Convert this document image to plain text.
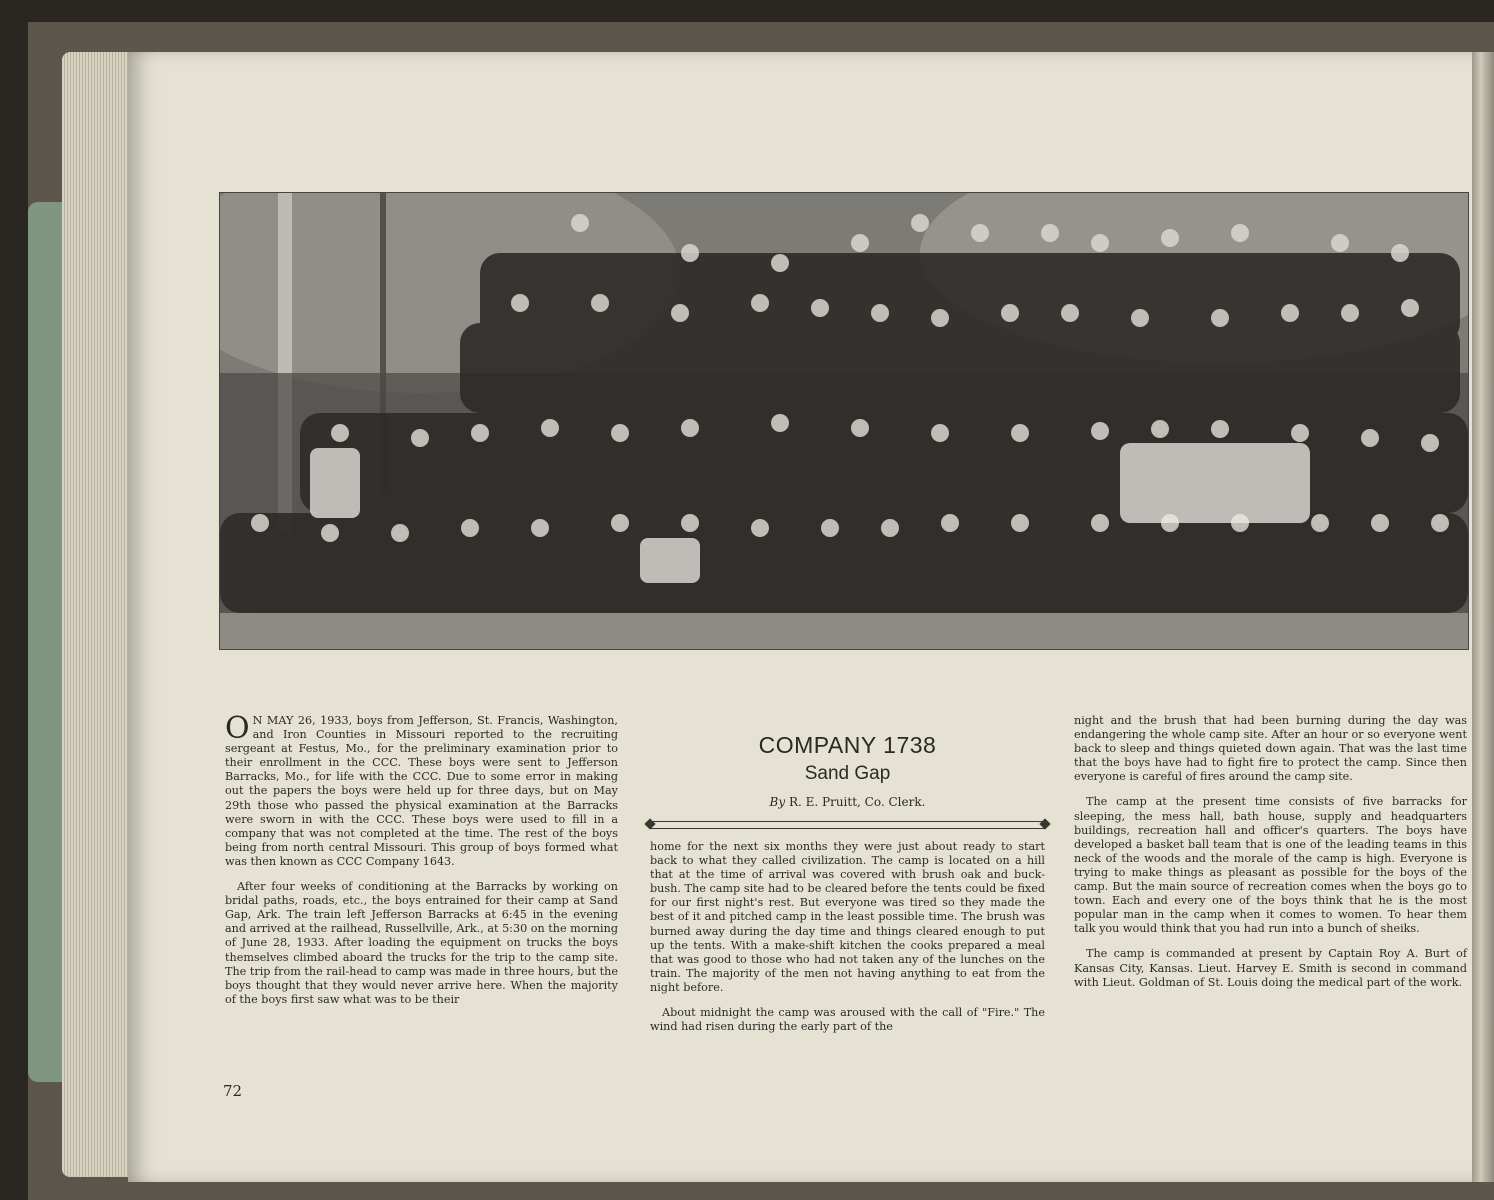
O N MAY 26, 1933, boys from Jefferson, St. Francis, Washington, and Iron Counties in Missouri reported to the recruiting sergeant at Festus, Mo., for the preliminary examination prior to their enrollment in the CCC. These boys were sent to Jefferson Barracks, Mo., for life with the CCC. Due to some error in making out the papers the boys were held up for three days, but on May 29th those who passed the physical examination at the Barracks were sworn in with the CCC. These boys were used to fill in a company that was not completed at the time. The rest of the boys being from north central Missouri. This group of boys formed what was then known as CCC Company 1643.

After four weeks of conditioning at the Barracks by working on bridal paths, roads, etc., the boys entrained for their camp at Sand Gap, Ark. The train left Jefferson Barracks at 6:45 in the evening and arrived at the railhead, Russellville, Ark., at 5:30 on the morning of June 28, 1933. After loading the equipment on trucks the boys themselves climbed aboard the trucks for the trip to the camp site. The trip from the rail-head to camp was made in three hours, but the boys thought that they would never arrive here. When the majority of the boys first saw what was to be their

COMPANY 1738

Sand Gap

By R. E. Pruitt, Co. Clerk.

home for the next six months they were just about ready to start back to what they called civilization. The camp is located on a hill that at the time of arrival was covered with brush oak and buck-bush. The camp site had to be cleared before the tents could be fixed for our first night's rest. But everyone was tired so they made the best of it and pitched camp in the least possible time. The brush was burned away during the day time and things cleared enough to put up the tents. With a make-shift kitchen the cooks prepared a meal that was good to those who had not taken any of the lunches on the train. The majority of the men not having anything to eat from the night before.

About midnight the camp was aroused with the call of "Fire." The wind had risen during the early part of the

night and the brush that had been burning during the day was endangering the whole camp site. After an hour or so everyone went back to sleep and things quieted down again. That was the last time that the boys have had to fight fire to protect the camp. Since then everyone is careful of fires around the camp site.

The camp at the present time consists of five barracks for sleeping, the mess hall, bath house, supply and headquarters buildings, recreation hall and officer's quarters. The boys have developed a basket ball team that is one of the leading teams in this neck of the woods and the morale of the camp is high. Everyone is trying to make things as pleasant as possible for the boys of the camp. But the main source of recreation comes when the boys go to town. Each and every one of the boys think that he is the most popular man in the camp when it comes to women. To hear them talk you would think that you had run into a bunch of sheiks.

The camp is commanded at present by Captain Roy A. Burt of Kansas City, Kansas. Lieut. Harvey E. Smith is second in command with Lieut. Goldman of St. Louis doing the medical part of the work.

72
